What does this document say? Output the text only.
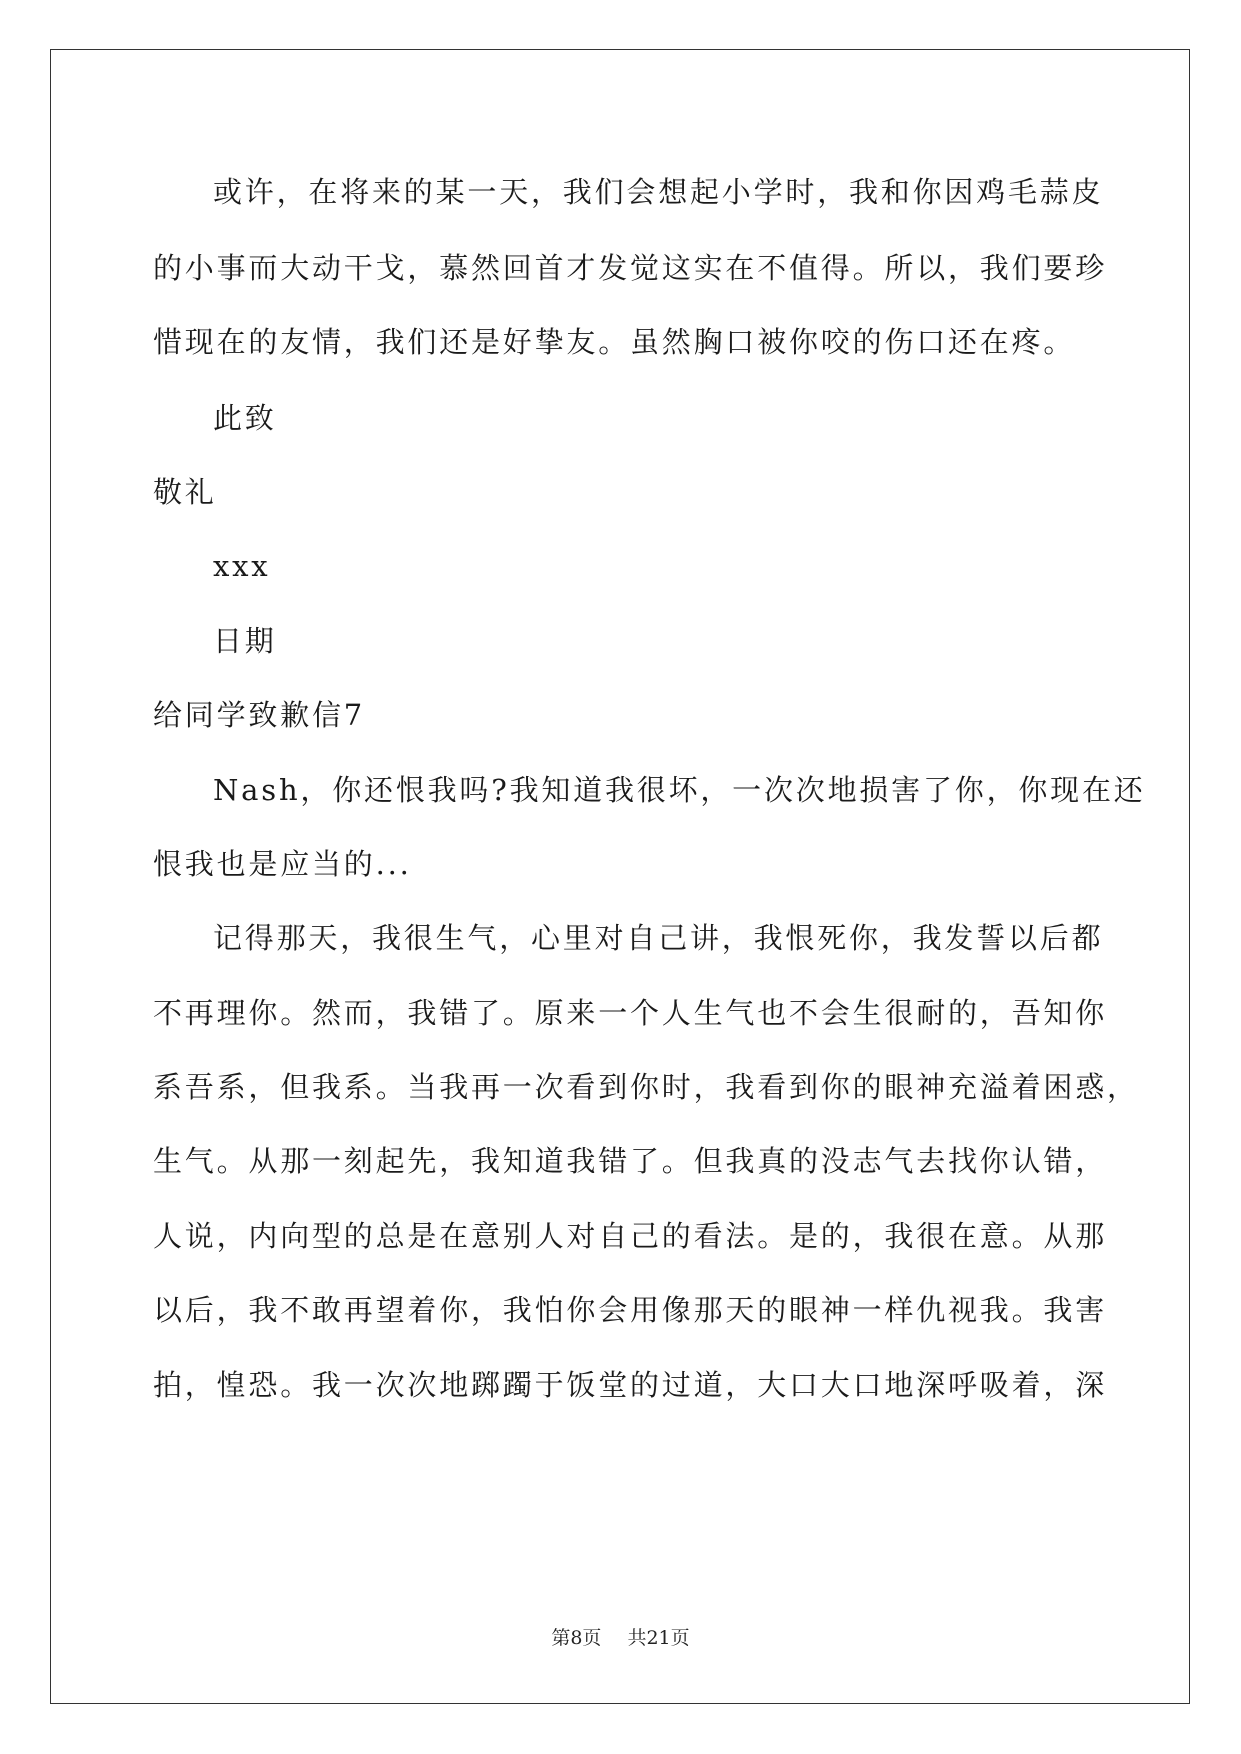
或许，在将来的某一天，我们会想起小学时，我和你因鸡毛蒜皮
的小事而大动干戈，慕然回首才发觉这实在不值得。所以，我们要珍
惜现在的友情，我们还是好挚友。虽然胸口被你咬的伤口还在疼。
此致
敬礼
xxx
日期
给同学致歉信7
Nash，你还恨我吗?我知道我很坏，一次次地损害了你，你现在还
恨我也是应当的...
记得那天，我很生气，心里对自己讲，我恨死你，我发誓以后都
不再理你。然而，我错了。原来一个人生气也不会生很耐的，吾知你
系吾系，但我系。当我再一次看到你时，我看到你的眼神充溢着困惑，
生气。从那一刻起先，我知道我错了。但我真的没志气去找你认错，
人说，内向型的总是在意别人对自己的看法。是的，我很在意。从那
以后，我不敢再望着你，我怕你会用像那天的眼神一样仇视我。我害
拍，惶恐。我一次次地踯躅于饭堂的过道，大口大口地深呼吸着，深
第8页 共21页
